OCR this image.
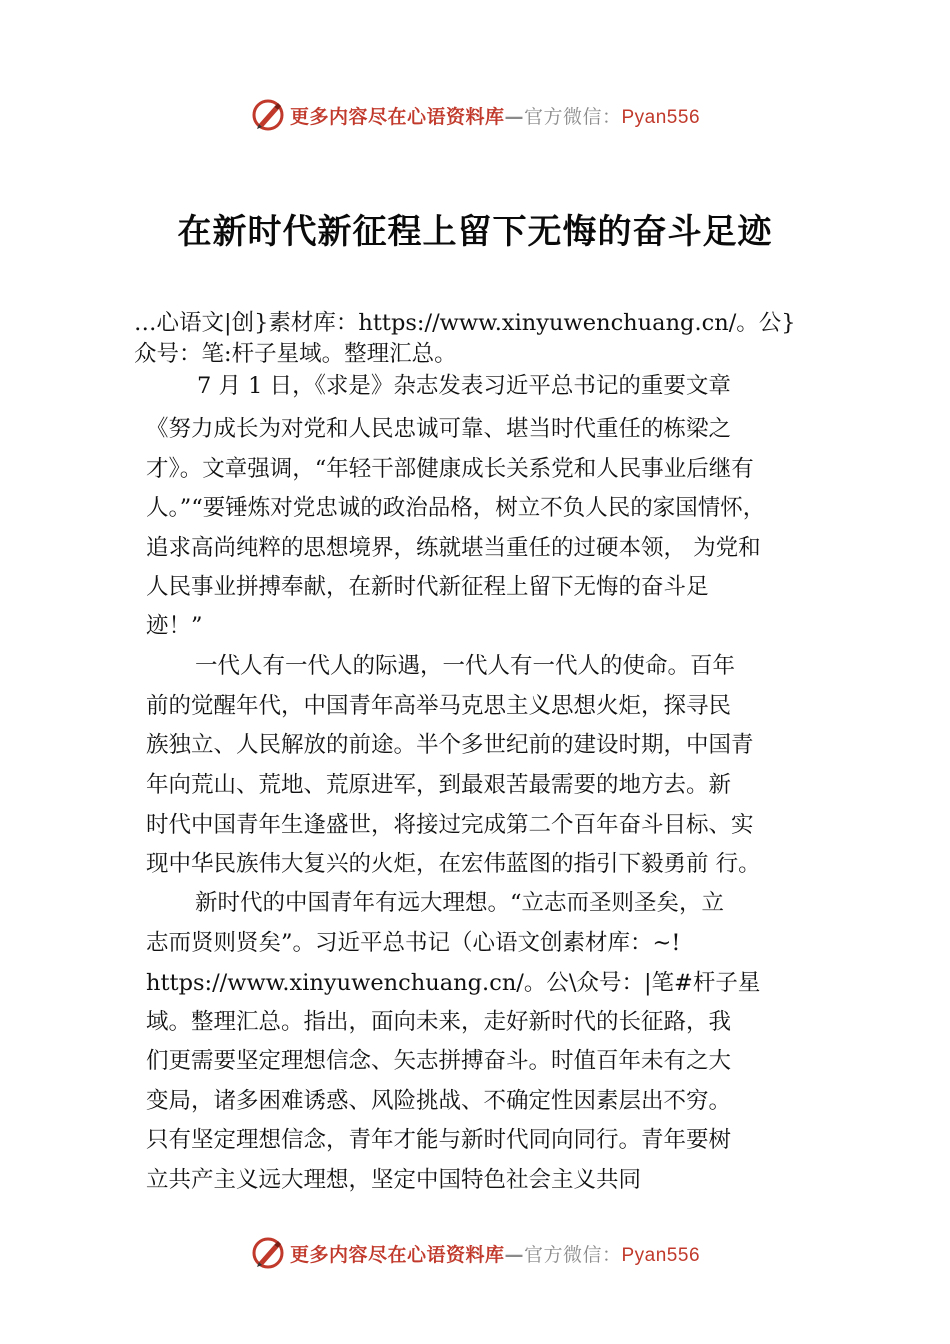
更多内容尽在心语资料库—官方微信：Pyan556
在新时代新征程上留下无悔的奋斗足迹
…心语文|创}素材库：https://www.xinyuwenchuang.cn/。公}
众号：笔:杆子星域。整理汇总。
7 月 1 日，《求是》杂志发表习近平总书记的重要文章
《努力成长为对党和人民忠诚可靠、堪当时代重任的栋梁之
才》。文章强调，“年轻干部健康成长关系党和人民事业后继有
人。”“要锤炼对党忠诚的政治品格，树立不负人民的家国情怀，
追求高尚纯粹的思想境界，练就堪当重任的过硬本领， 为党和
人民事业拼搏奉献，在新时代新征程上留下无悔的奋斗足
迹！”
一代人有一代人的际遇，一代人有一代人的使命。百年
前的觉醒年代，中国青年高举马克思主义思想火炬，探寻民
族独立、人民解放的前途。半个多世纪前的建设时期，中国青
年向荒山、荒地、荒原进军，到最艰苦最需要的地方去。新
时代中国青年生逢盛世，将接过完成第二个百年奋斗目标、实
现中华民族伟大复兴的火炬，在宏伟蓝图的指引下毅勇前 行。
新时代的中国青年有远大理想。“立志而圣则圣矣，立
志而贤则贤矣”。习近平总书记（心语文创素材库：~!
https://www.xinyuwenchuang.cn/。公\众号：|笔#杆子星
域。整理汇总。指出，面向未来，走好新时代的长征路，我
们更需要坚定理想信念、矢志拼搏奋斗。时值百年未有之大
变局，诸多困难诱惑、风险挑战、不确定性因素层出不穷。
只有坚定理想信念，青年才能与新时代同向同行。青年要树
立共产主义远大理想，坚定中国特色社会主义共同
更多内容尽在心语资料库—官方微信：Pyan556
